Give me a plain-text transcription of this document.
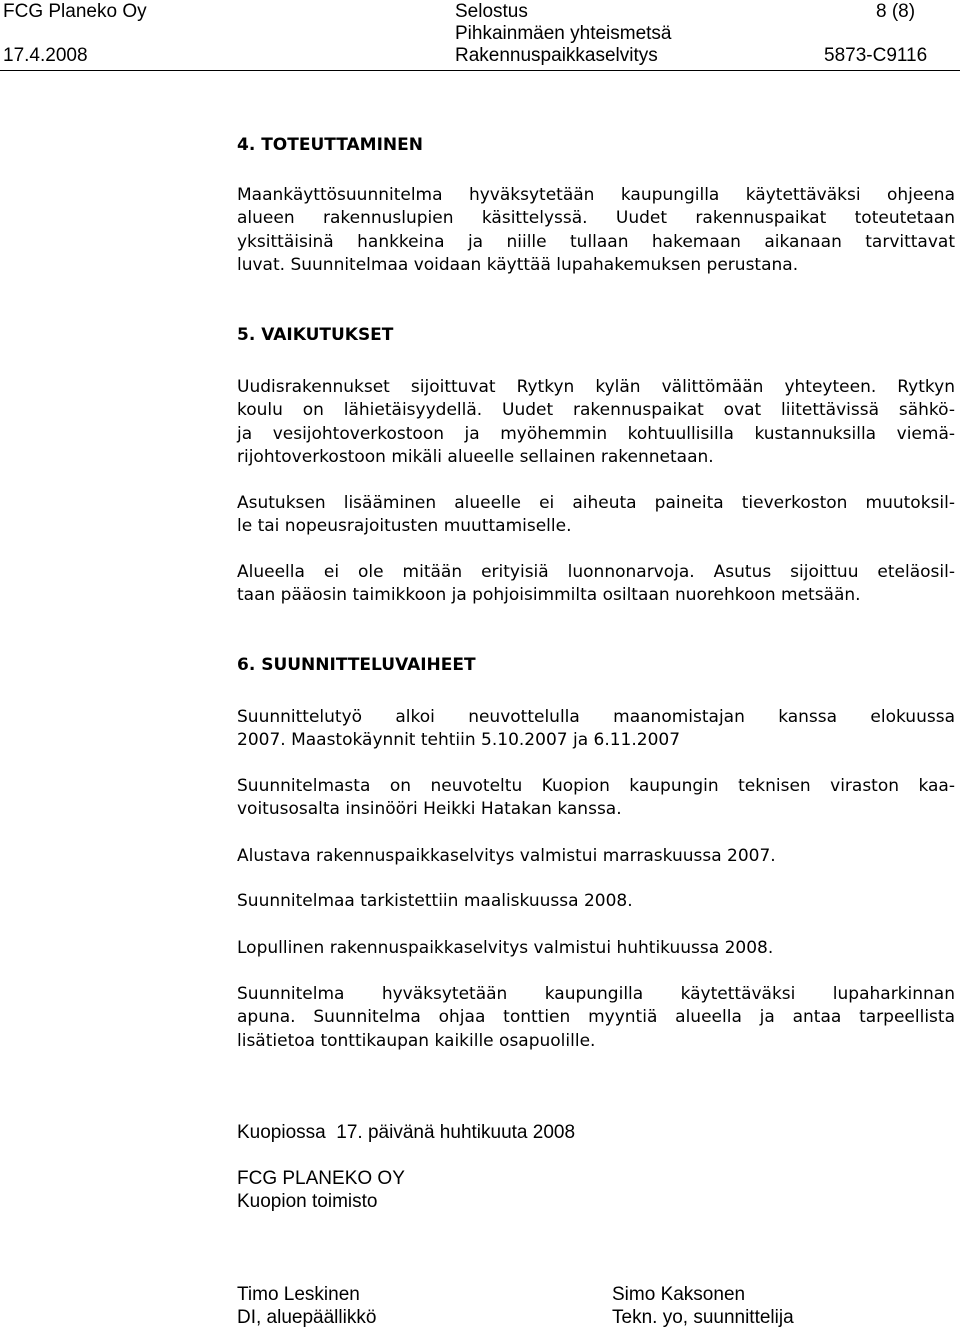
FCG Planeko Oy
17.4.2008
Selostus
Pihkainmäen yhteismetsä
Rakennuspaikkaselvitys
8 (8)
5873-C9116
4. TOTEUTTAMINEN
Maankäyttösuunnitelma hyväksytetään kaupungilla käytettäväksi ohjeena
alueen rakennuslupien käsittelyssä. Uudet rakennuspaikat toteutetaan
yksittäisinä hankkeina ja niille tullaan hakemaan aikanaan tarvittavat
luvat. Suunnitelmaa voidaan käyttää lupahakemuksen perustana.
5. VAIKUTUKSET
Uudisrakennukset sijoittuvat Rytkyn kylän välittömään yhteyteen. Rytkyn
koulu on lähietäisyydellä. Uudet rakennuspaikat ovat liitettävissä sähkö-
ja vesijohtoverkostoon ja myöhemmin kohtuullisilla kustannuksilla viemä-
rijohtoverkostoon mikäli alueelle sellainen rakennetaan.
Asutuksen lisääminen alueelle ei aiheuta paineita tieverkoston muutoksil-
le tai nopeusrajoitusten muuttamiselle.
Alueella ei ole mitään erityisiä luonnonarvoja. Asutus sijoittuu eteläosil-
taan pääosin taimikkoon ja pohjoisimmilta osiltaan nuorehkoon metsään.
6. SUUNNITTELUVAIHEET
Suunnittelutyö alkoi neuvottelulla maanomistajan kanssa elokuussa
2007. Maastokäynnit tehtiin 5.10.2007 ja 6.11.2007
Suunnitelmasta on neuvoteltu Kuopion kaupungin teknisen viraston kaa-
voitusosalta insinööri Heikki Hatakan kanssa.
Alustava rakennuspaikkaselvitys valmistui marraskuussa 2007.
Suunnitelmaa tarkistettiin maaliskuussa 2008.
Lopullinen rakennuspaikkaselvitys valmistui huhtikuussa 2008.
Suunnitelma hyväksytetään kaupungilla käytettäväksi lupaharkinnan
apuna. Suunnitelma ohjaa tonttien myyntiä alueella ja antaa tarpeellista
lisätietoa tonttikaupan kaikille osapuolille.
Kuopiossa  17. päivänä huhtikuuta 2008
FCG PLANEKO OY
Kuopion toimisto
Timo Leskinen
DI, aluepäällikkö
Simo Kaksonen
Tekn. yo, suunnittelija
